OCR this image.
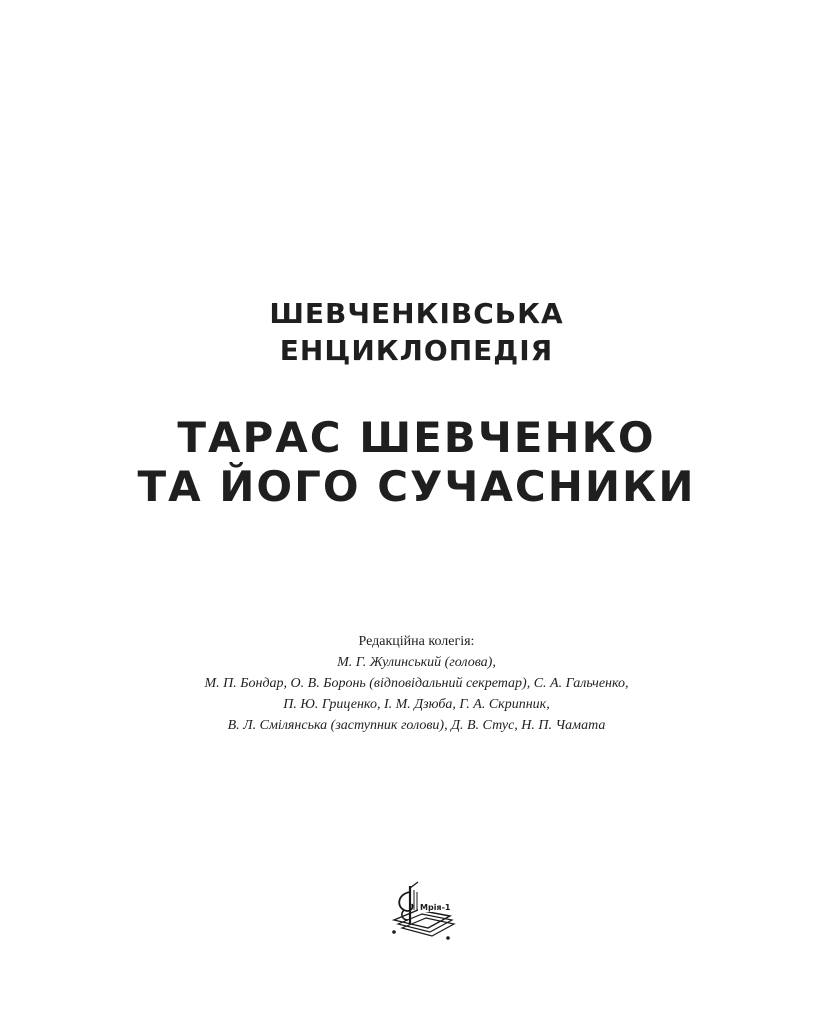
ШЕВЧЕНКІВСЬКА
ЕНЦИКЛОПЕДІЯ
ТАРАС ШЕВЧЕНКО
ТА ЙОГО СУЧАСНИКИ
Редакційна колегія:
М. Г. Жулинський (голова),
М. П. Бондар, О. В. Боронь (відповідальний секретар), С. А. Гальченко,
П. Ю. Гриценко, І. М. Дзюба, Г. А. Скрипник,
В. Л. Смілянська (заступник голови), Д. В. Стус, Н. П. Чамата
Мрія-1
